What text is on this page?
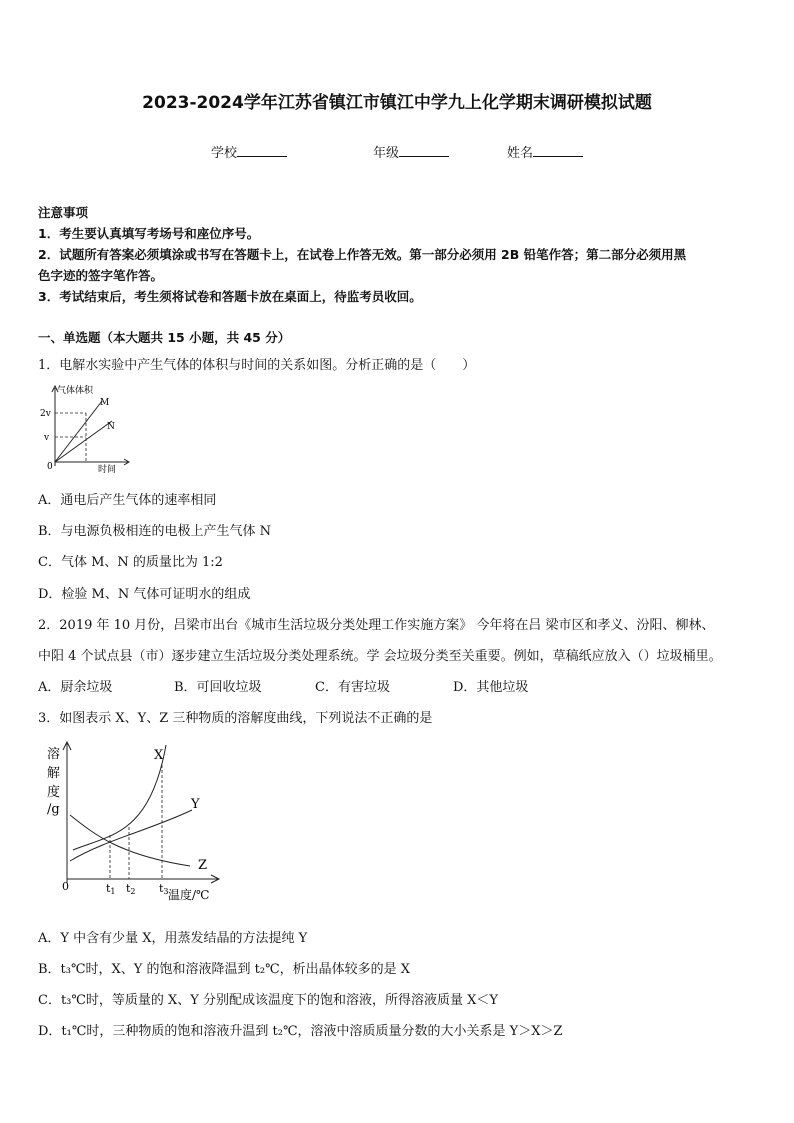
2023-2024学年江苏省镇江市镇江中学九上化学期末调研模拟试题
学校	年级	姓名
注意事项
1．考生要认真填写考场号和座位序号。
2．试题所有答案必须填涂或书写在答题卡上，在试卷上作答无效。第一部分必须用 2B 铅笔作答；第二部分必须用黑
色字迹的签字笔作答。
3．考试结束后，考生须将试卷和答题卡放在桌面上，待监考员收回。
一、单选题（本大题共 15 小题，共 45 分）
1．电解水实验中产生气体的体积与时间的关系如图。分析正确的是（　　）
气体体积
2v
v
0	时间
M
N
A．通电后产生气体的速率相同
B．与电源负极相连的电极上产生气体 N
C．气体 M、N 的质量比为 1:2
D．检验 M、N 气体可证明水的组成
2．2019 年 10 月份，吕梁市出台《城市生活垃圾分类处理工作实施方案》 今年将在吕 梁市区和孝义、汾阳、柳林、
中阳 4 个试点县（市）逐步建立生活垃圾分类处理系统。学 会垃圾分类至关重要。例如，草稿纸应放入（）垃圾桶里。
A．厨余垃圾	B．可回收垃圾	C．有害垃圾	D．其他垃圾
3．如图表示 X、Y、Z 三种物质的溶解度曲线，下列说法不正确的是
溶
解
度
/g
0	t1 t2 t3 温度/℃
X
Y
Z
A．Y 中含有少量 X，用蒸发结晶的方法提纯 Y
B．t₃℃时，X、Y 的饱和溶液降温到 t₂℃，析出晶体较多的是 X
C．t₃℃时，等质量的 X、Y 分别配成该温度下的饱和溶液，所得溶液质量 X＜Y
D．t₁℃时，三种物质的饱和溶液升温到 t₂℃，溶液中溶质质量分数的大小关系是 Y＞X＞Z
